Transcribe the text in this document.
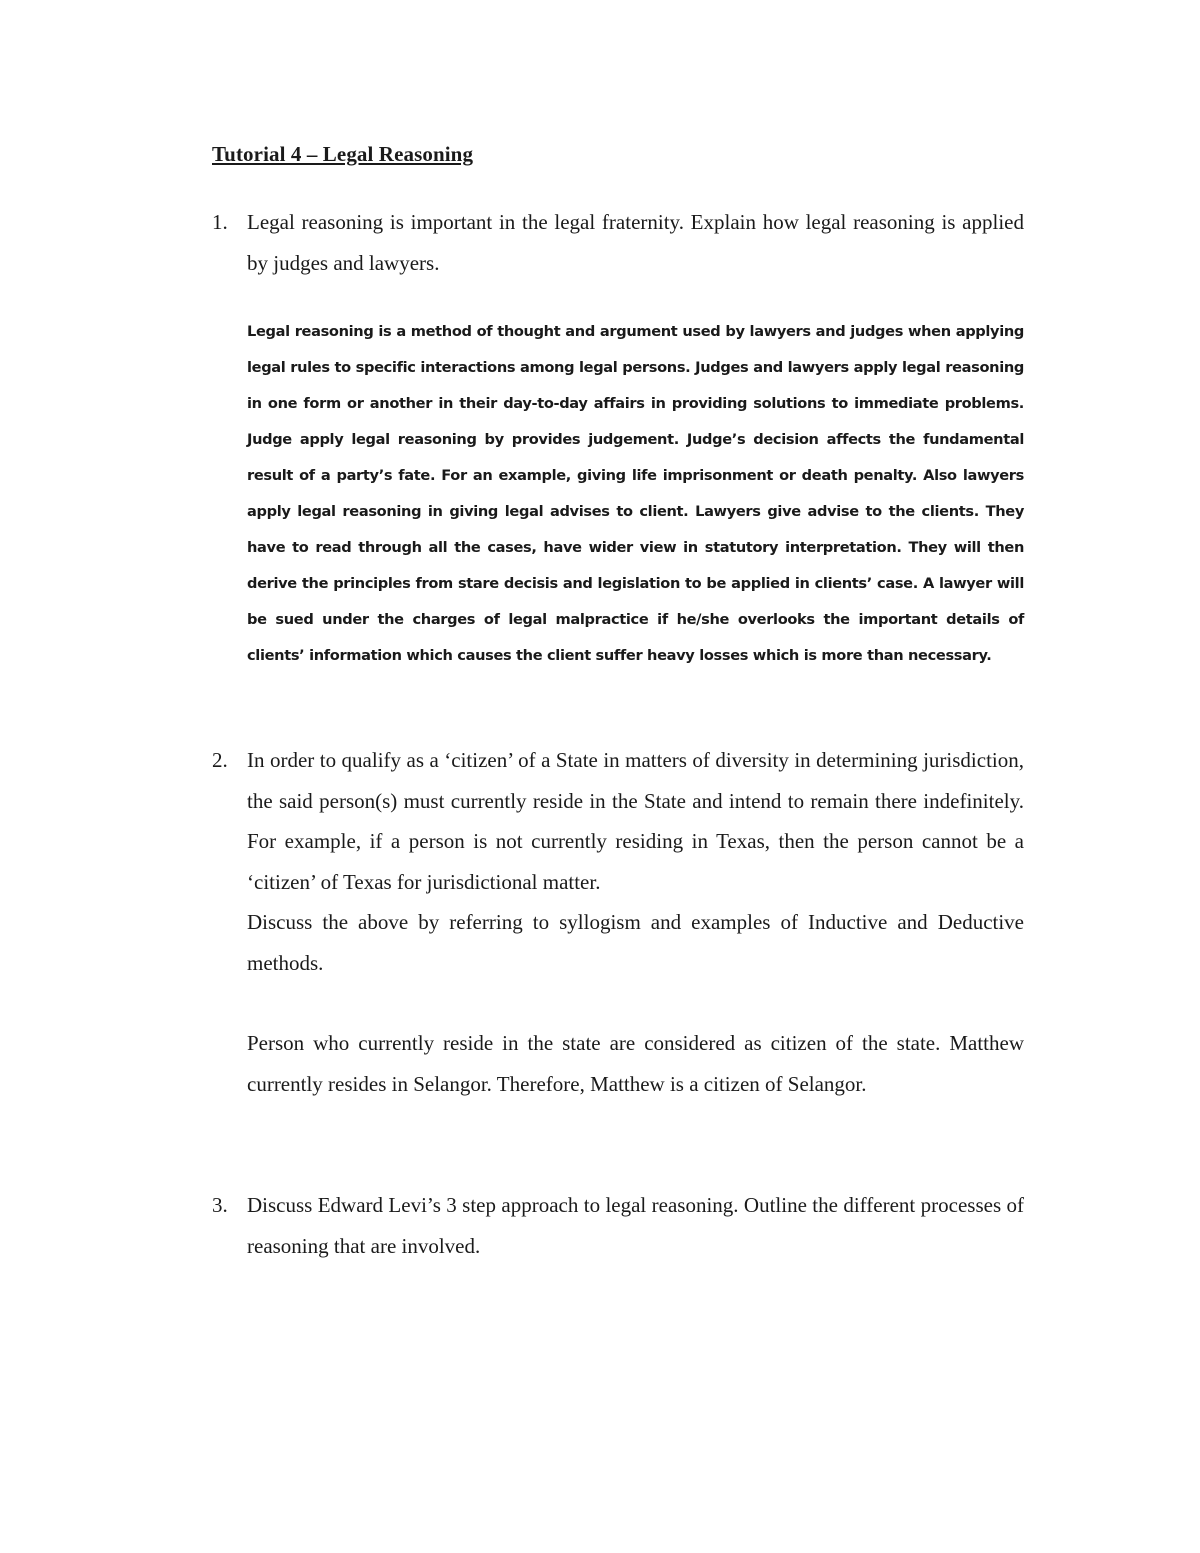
Tutorial 4 – Legal Reasoning
1. Legal reasoning is important in the legal fraternity. Explain how legal reasoning is applied by judges and lawyers.

Legal reasoning is a method of thought and argument used by lawyers and judges when applying legal rules to specific interactions among legal persons. Judges and lawyers apply legal reasoning in one form or another in their day-to-day affairs in providing solutions to immediate problems. Judge apply legal reasoning by provides judgement. Judge’s decision affects the fundamental result of a party’s fate. For an example, giving life imprisonment or death penalty. Also lawyers apply legal reasoning in giving legal advises to client. Lawyers give advise to the clients. They have to read through all the cases, have wider view in statutory interpretation. They will then derive the principles from stare decisis and legislation to be applied in clients’ case. A lawyer will be sued under the charges of legal malpractice if he/she overlooks the important details of clients’ information which causes the client suffer heavy losses which is more than necessary.

2. In order to qualify as a ‘citizen’ of a State in matters of diversity in determining jurisdiction, the said person(s) must currently reside in the State and intend to remain there indefinitely. For example, if a person is not currently residing in Texas, then the person cannot be a ‘citizen’ of Texas for jurisdictional matter.

Discuss the above by referring to syllogism and examples of Inductive and Deductive methods.

Person who currently reside in the state are considered as citizen of the state. Matthew currently resides in Selangor. Therefore, Matthew is a citizen of Selangor.

3. Discuss Edward Levi’s 3 step approach to legal reasoning. Outline the different processes of reasoning that are involved.
